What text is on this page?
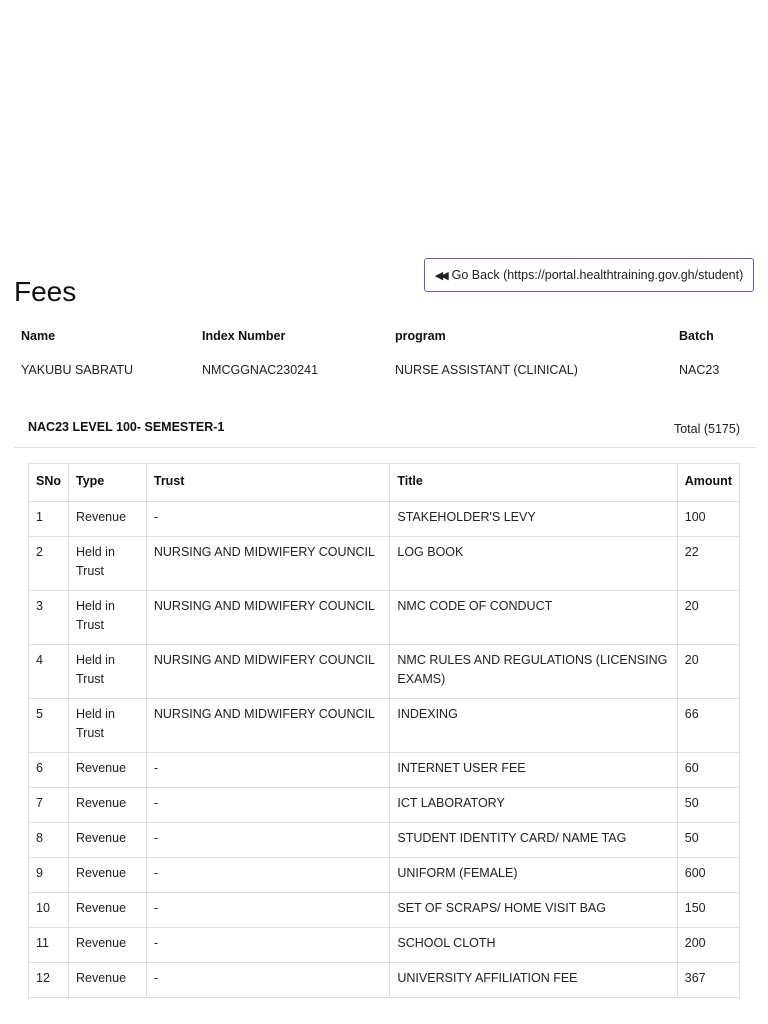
◀◀ Go Back (https://portal.healthtraining.gov.gh/student)
Fees
Name	Index Number	program	Batch
YAKUBU SABRATU	NMCGGNAC230241	NURSE ASSISTANT (CLINICAL)	NAC23
NAC23 LEVEL 100- SEMESTER-1	Total (5175)
SNo	Type	Trust	Title	Amount
1	Revenue	-	STAKEHOLDER'S LEVY	100
2	Held in Trust	NURSING AND MIDWIFERY COUNCIL	LOG BOOK	22
3	Held in Trust	NURSING AND MIDWIFERY COUNCIL	NMC CODE OF CONDUCT	20
4	Held in Trust	NURSING AND MIDWIFERY COUNCIL	NMC RULES AND REGULATIONS (LICENSING EXAMS)	20
5	Held in Trust	NURSING AND MIDWIFERY COUNCIL	INDEXING	66
6	Revenue	-	INTERNET USER FEE	60
7	Revenue	-	ICT LABORATORY	50
8	Revenue	-	STUDENT IDENTITY CARD/ NAME TAG	50
9	Revenue	-	UNIFORM (FEMALE)	600
10	Revenue	-	SET OF SCRAPS/ HOME VISIT BAG	150
11	Revenue	-	SCHOOL CLOTH	200
12	Revenue	-	UNIVERSITY AFFILIATION FEE	367
